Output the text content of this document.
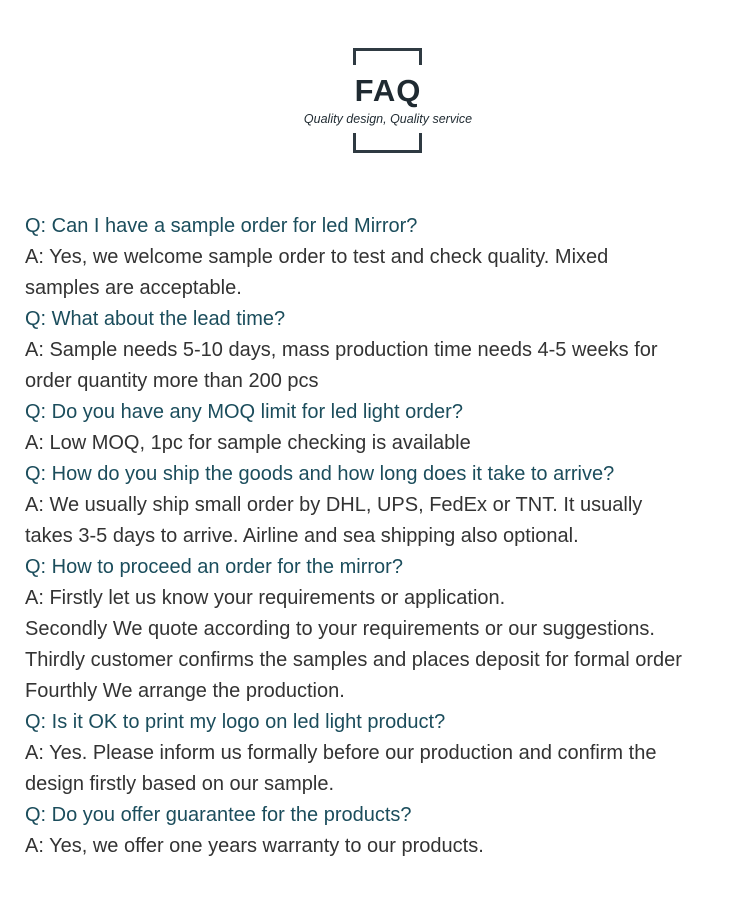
FAQ
Quality design, Quality service
Q: Can I have a sample order for led Mirror?
A: Yes, we welcome sample order to test and check quality. Mixed
samples are acceptable.
Q: What about the lead time?
A: Sample needs 5-10 days, mass production time needs 4-5 weeks for
order quantity more than 200 pcs
Q: Do you have any MOQ limit for led light order?
A: Low MOQ, 1pc for sample checking is available
Q: How do you ship the goods and how long does it take to arrive?
A: We usually ship small order by DHL, UPS, FedEx or TNT. It usually
takes 3-5 days to arrive. Airline and sea shipping also optional.
Q: How to proceed an order for the mirror?
A: Firstly let us know your requirements or application.
Secondly We quote according to your requirements or our suggestions.
Thirdly customer confirms the samples and places deposit for formal order
Fourthly We arrange the production.
Q: Is it OK to print my logo on led light product?
A: Yes. Please inform us formally before our production and confirm the
design firstly based on our sample.
Q: Do you offer guarantee for the products?
A: Yes, we offer one years warranty to our products.
